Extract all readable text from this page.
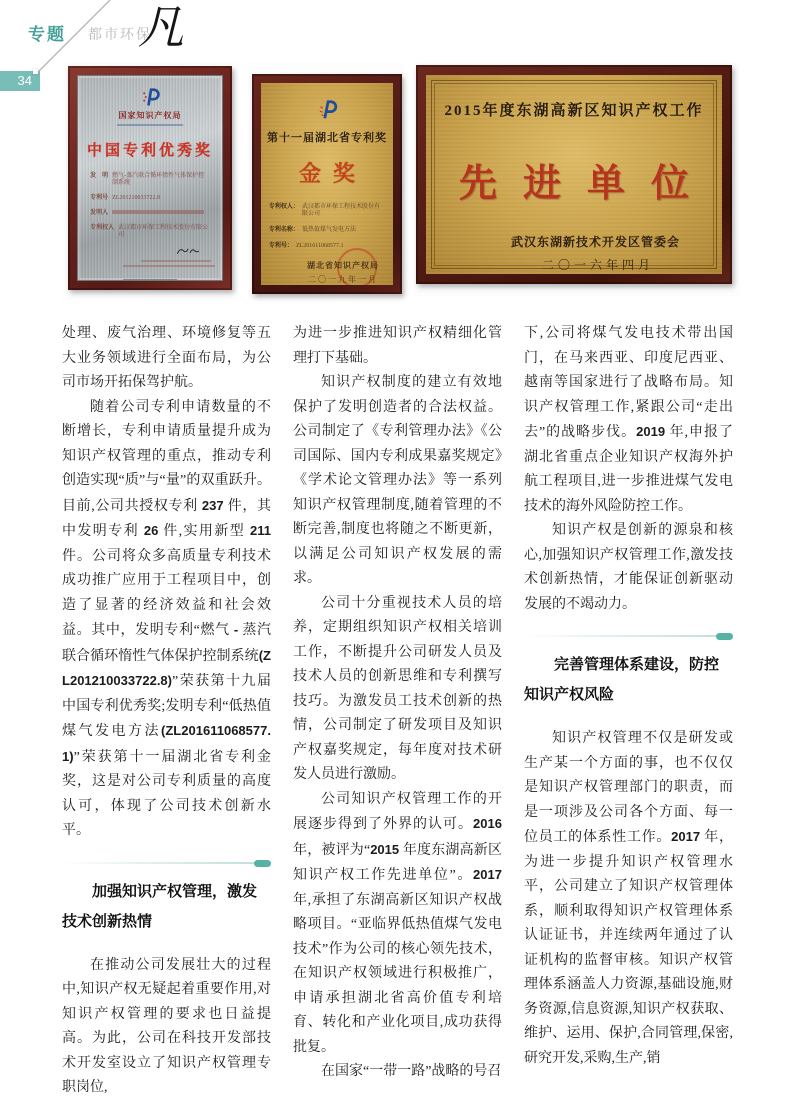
专题 都市环保
凡
34
国家知识产权局
中国专利优秀奖
发　明 燃气-蒸汽联合循环惰性气体保护控制系统
专利号 ZL201210033722.8
发明人
专利权人 武汉都市环保工程技术股份有限公司
第十一届湖北省专利奖
金奖
专利权人： 武汉都市环保工程技术股份有限公司
专利名称： 低热值煤气发电方法
专利号： ZL201611068577.1
湖北省知识产权局
二〇一九年一月
2015年度东湖高新区知识产权工作
先进单位
武汉东湖新技术开发区管委会
二〇一六年四月

处理、废气治理、环境修复等五大业务领域进行全面布局，为公司市场开拓保驾护航。

随着公司专利申请数量的不断增长，专利申请质量提升成为知识产权管理的重点，推动专利创造实现“质”与“量”的双重跃升。目前,公司共授权专利 237 件，其中发明专利 26 件,实用新型 211 件。公司将众多高质量专利技术成功推广应用于工程项目中，创造了显著的经济效益和社会效益。其中，发明专利“燃气 - 蒸汽联合循环惰性气体保护控制系统(ZL201210033722.8)”荣获第十九届中国专利优秀奖;发明专利“低热值煤气发电方法(ZL201611068577.1)”荣获第十一届湖北省专利金奖，这是对公司专利质量的高度认可，体现了公司技术创新水平。

加强知识产权管理，激发技术创新热情

在推动公司发展壮大的过程中,知识产权无疑起着重要作用,对知识产权管理的要求也日益提高。为此，公司在科技开发部技术开发室设立了知识产权管理专职岗位,

为进一步推进知识产权精细化管理打下基础。

知识产权制度的建立有效地保护了发明创造者的合法权益。公司制定了《专利管理办法》《公司国际、国内专利成果嘉奖规定》《学术论文管理办法》等一系列知识产权管理制度,随着管理的不断完善,制度也将随之不断更新，以满足公司知识产权发展的需求。

公司十分重视技术人员的培养，定期组织知识产权相关培训工作，不断提升公司研发人员及技术人员的创新思维和专利撰写技巧。为激发员工技术创新的热情，公司制定了研发项目及知识产权嘉奖规定，每年度对技术研发人员进行激励。

公司知识产权管理工作的开展逐步得到了外界的认可。2016 年，被评为“2015 年度东湖高新区知识产权工作先进单位”。2017 年,承担了东湖高新区知识产权战略项目。“亚临界低热值煤气发电技术”作为公司的核心领先技术，在知识产权领域进行积极推广，申请承担湖北省高价值专利培育、转化和产业化项目,成功获得批复。

在国家“一带一路”战略的号召

下,公司将煤气发电技术带出国门，在马来西亚、印度尼西亚、越南等国家进行了战略布局。知识产权管理工作,紧跟公司“走出去”的战略步伐。2019 年,申报了湖北省重点企业知识产权海外护航工程项目,进一步推进煤气发电技术的海外风险防控工作。

知识产权是创新的源泉和核心,加强知识产权管理工作,激发技术创新热情，才能保证创新驱动发展的不竭动力。

完善管理体系建设，防控知识产权风险

知识产权管理不仅是研发或生产某一个方面的事，也不仅仅是知识产权管理部门的职责，而是一项涉及公司各个方面、每一位员工的体系性工作。2017 年，为进一步提升知识产权管理水平，公司建立了知识产权管理体系，顺利取得知识产权管理体系认证证书，并连续两年通过了认证机构的监督审核。知识产权管理体系涵盖人力资源,基础设施,财务资源,信息资源,知识产权获取、维护、运用、保护,合同管理,保密,研究开发,采购,生产,销
